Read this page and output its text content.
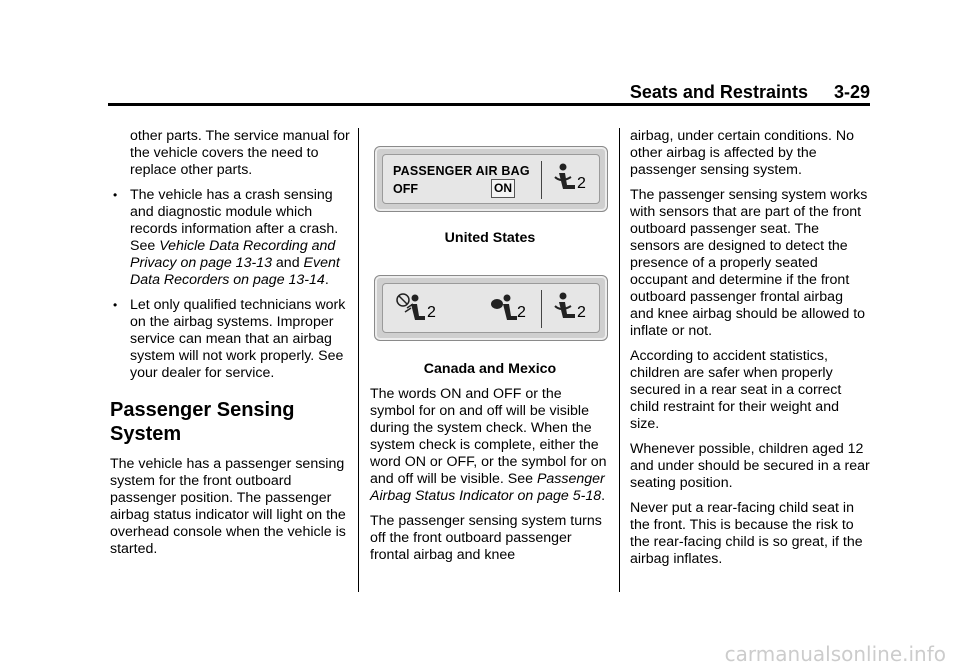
Seats and Restraints 3-29

other parts. The service manual for the vehicle covers the need to replace other parts.

• The vehicle has a crash sensing and diagnostic module which records information after a crash. See Vehicle Data Recording and Privacy on page 13-13 and Event Data Recorders on page 13-14.
• Let only qualified technicians work on the airbag systems. Improper service can mean that an airbag system will not work properly. See your dealer for service.
Passenger Sensing System

The vehicle has a passenger sensing system for the front outboard passenger position. The passenger airbag status indicator will light on the overhead console when the vehicle is started.

PASSENGER AIR BAG
OFF	ON	2
United States
2	2	2
Canada and Mexico

The words ON and OFF or the symbol for on and off will be visible during the system check. When the system check is complete, either the word ON or OFF, or the symbol for on and off will be visible. See Passenger Airbag Status Indicator on page 5-18.

The passenger sensing system turns off the front outboard passenger frontal airbag and knee

airbag, under certain conditions. No other airbag is affected by the passenger sensing system.

The passenger sensing system works with sensors that are part of the front outboard passenger seat. The sensors are designed to detect the presence of a properly seated occupant and determine if the front outboard passenger frontal airbag and knee airbag should be allowed to inflate or not.

According to accident statistics, children are safer when properly secured in a rear seat in a correct child restraint for their weight and size.

Whenever possible, children aged 12 and under should be secured in a rear seating position.

Never put a rear-facing child seat in the front. This is because the risk to the rear-facing child is so great, if the airbag inflates.

carmanualsonline.info
